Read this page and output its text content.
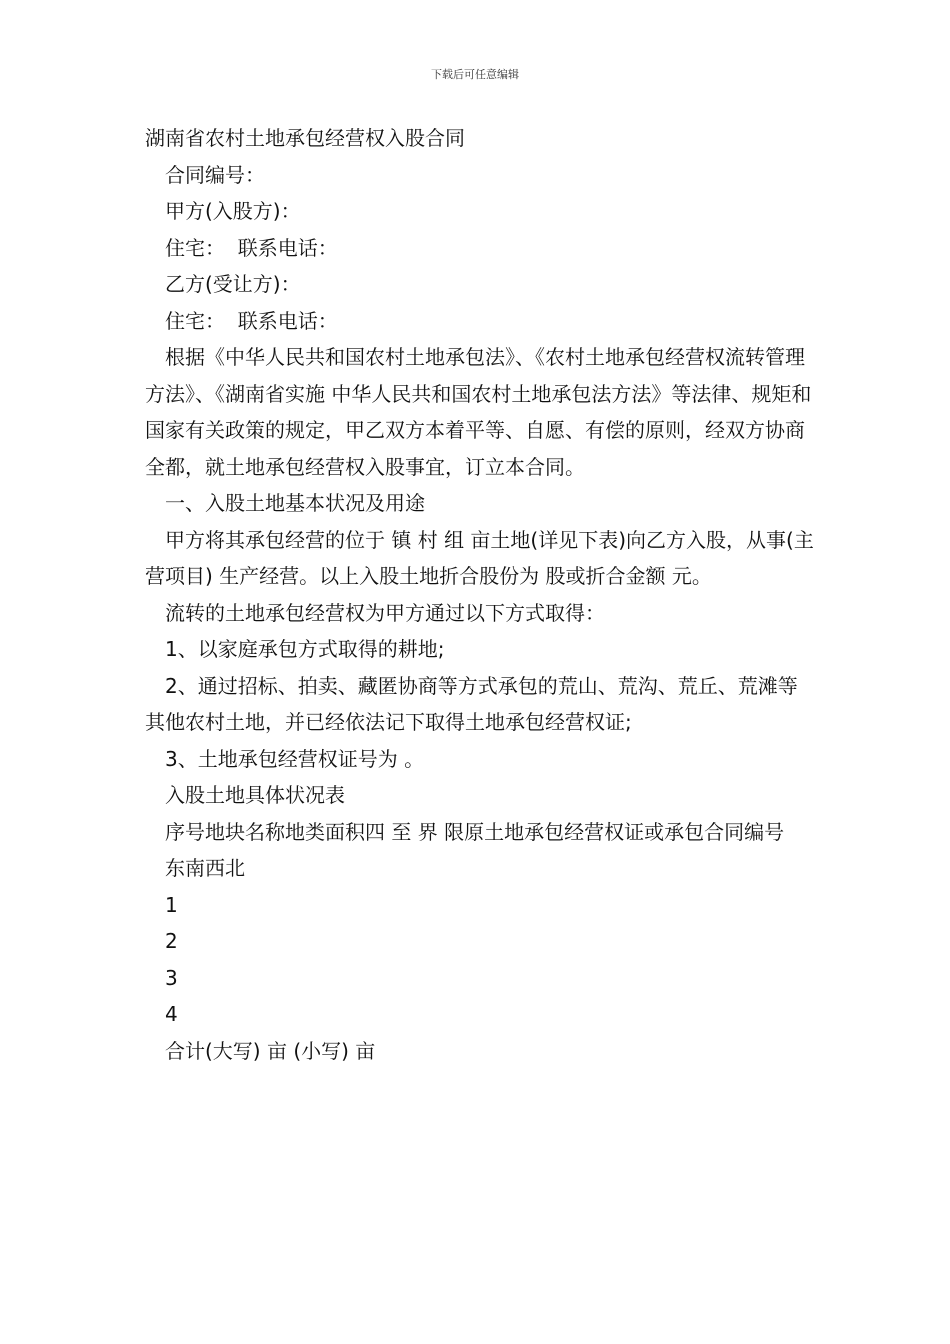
下载后可任意编辑

湖南省农村土地承包经营权入股合同

合同编号：

甲方(入股方)：

住宅：  联系电话：

乙方(受让方)：

住宅：  联系电话：

根据《中华人民共和国农村土地承包法》、《农村土地承包经营权流转管理方法》、《湖南省实施 中华人民共和国农村土地承包法方法》等法律、规矩和国家有关政策的规定，甲乙双方本着平等、自愿、有偿的原则，经双方协商全都，就土地承包经营权入股事宜，订立本合同。

一、入股土地基本状况及用途

甲方将其承包经营的位于 镇 村 组 亩土地(详见下表)向乙方入股，从事(主营项目) 生产经营。以上入股土地折合股份为 股或折合金额 元。

流转的土地承包经营权为甲方通过以下方式取得：

1、以家庭承包方式取得的耕地;

2、通过招标、拍卖、藏匿协商等方式承包的荒山、荒沟、荒丘、荒滩等其他农村土地，并已经依法记下取得土地承包经营权证;

3、土地承包经营权证号为 。

入股土地具体状况表

序号地块名称地类面积四 至 界 限原土地承包经营权证或承包合同编号

东南西北

1

2

3

4

合计(大写) 亩 (小写) 亩
